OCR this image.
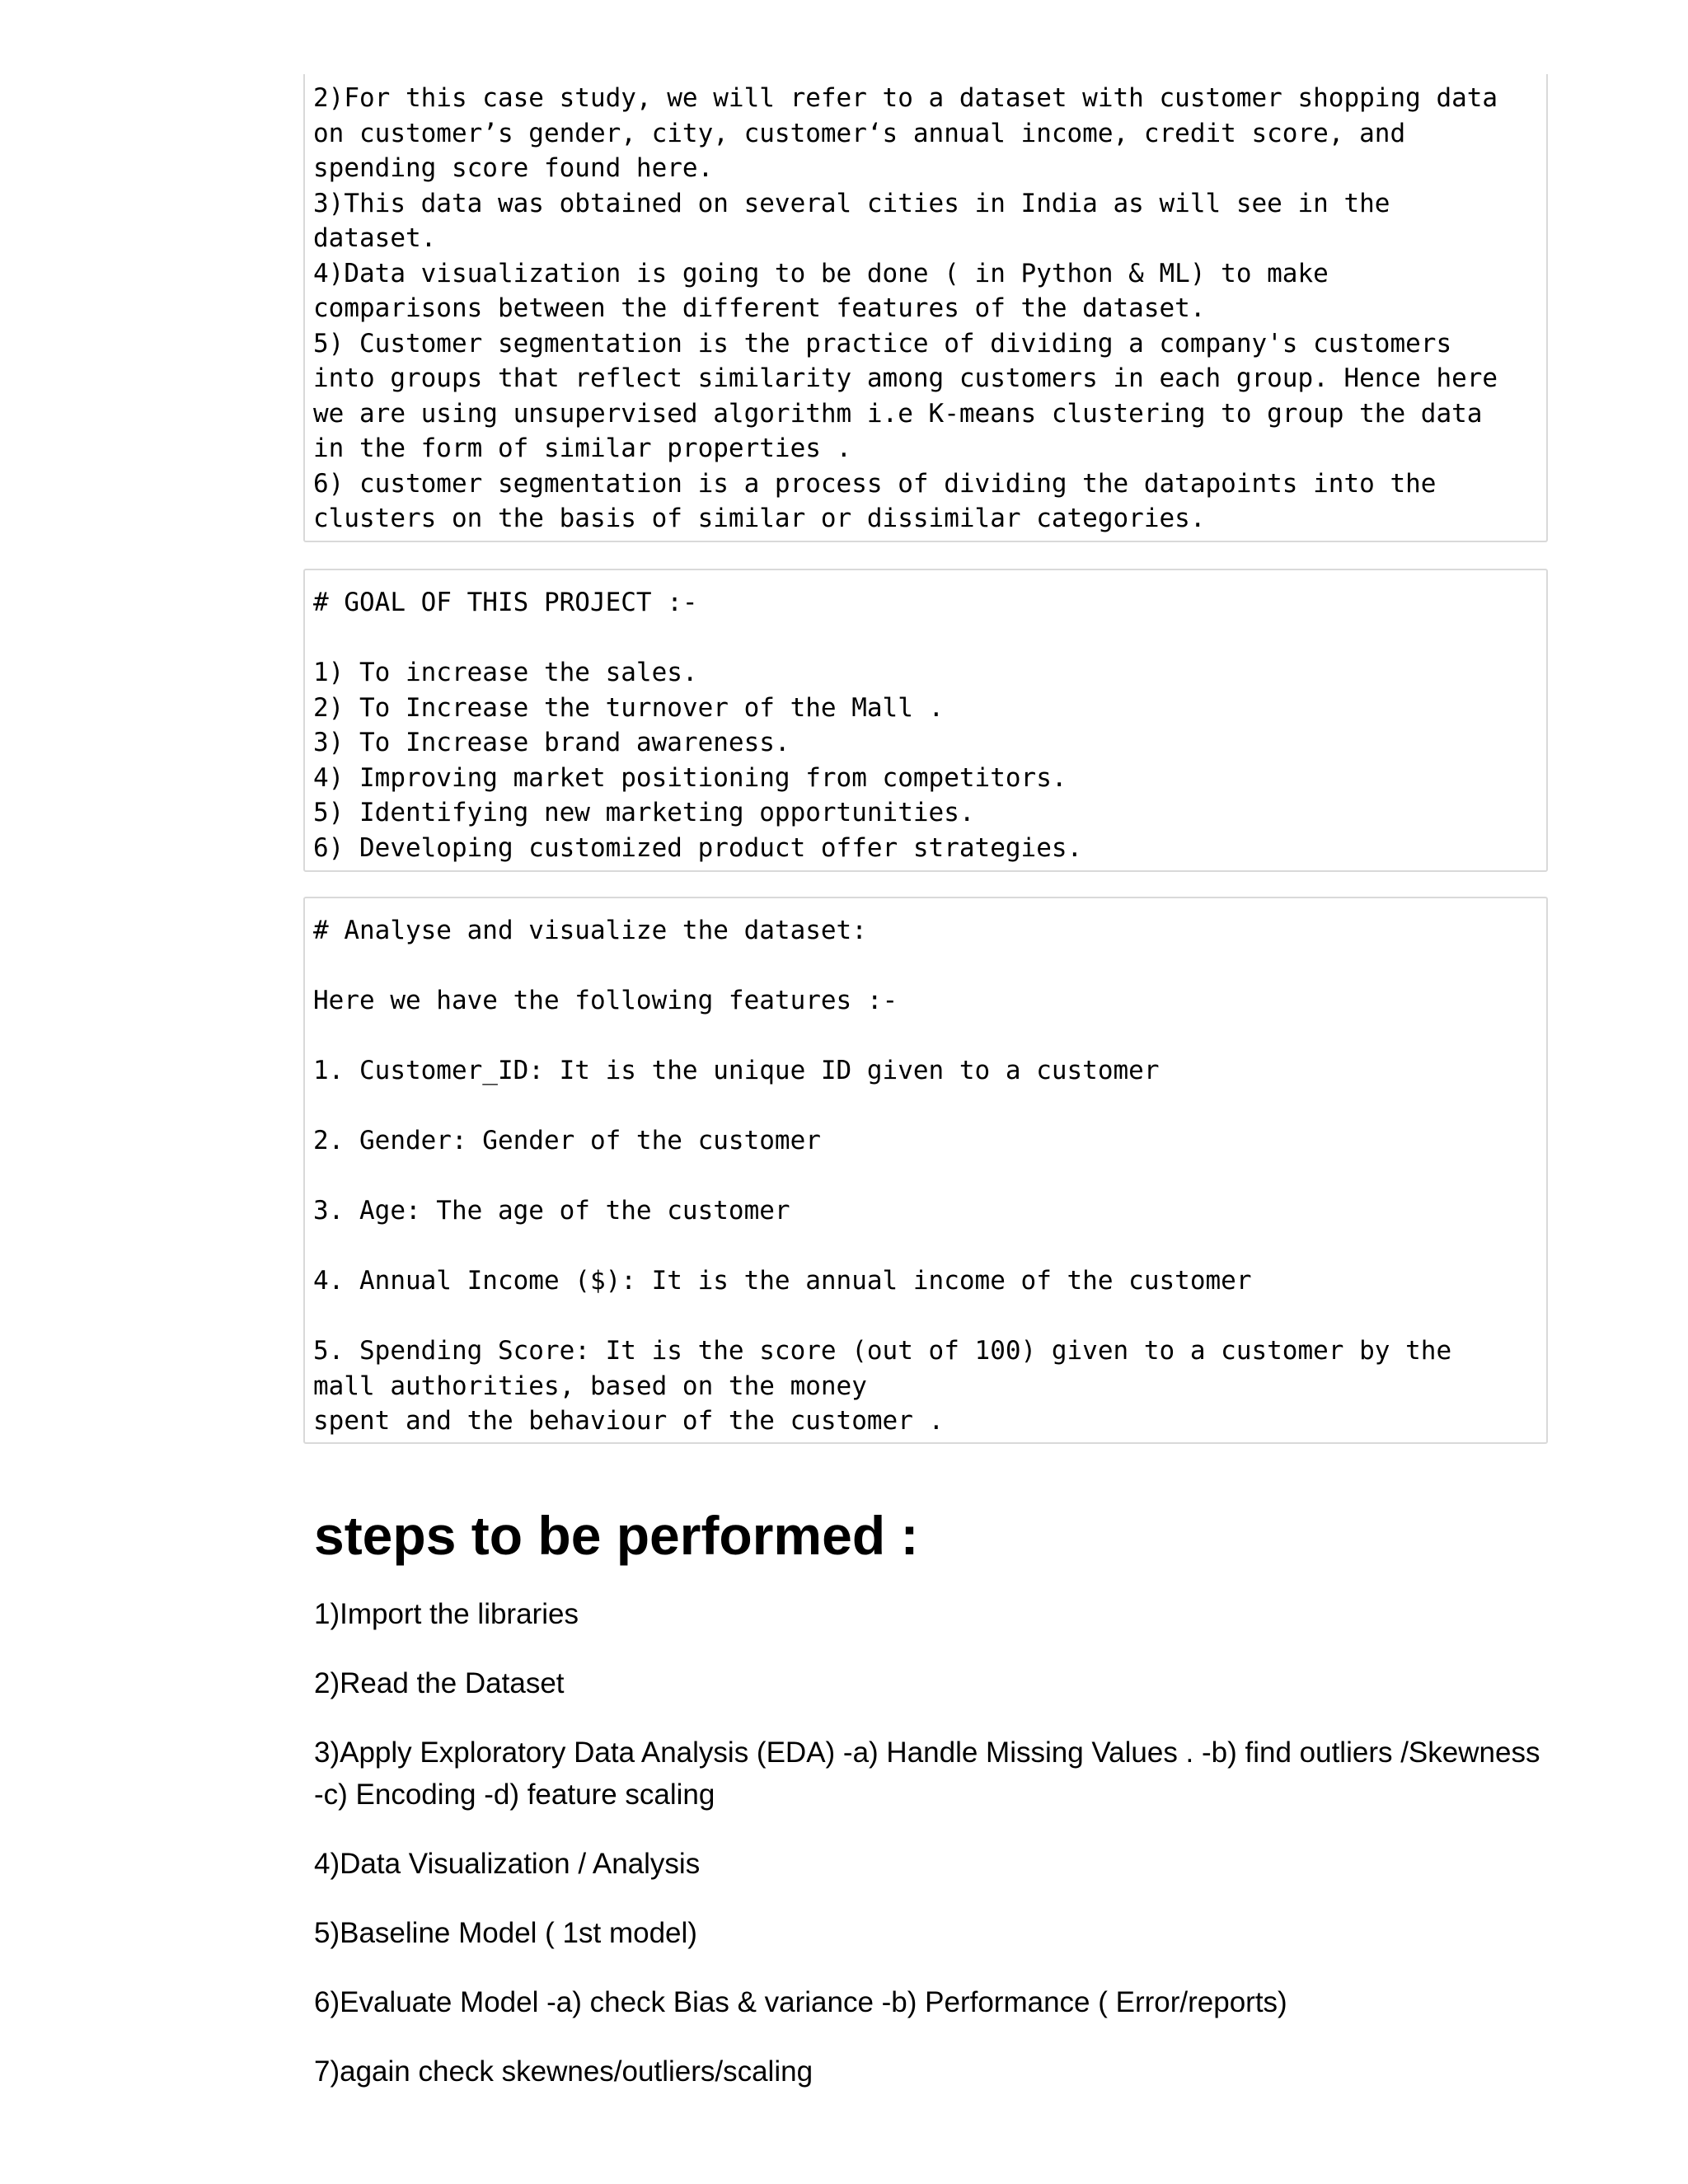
2)For this case study, we will refer to a dataset with customer shopping data
on customer’s gender, city, customer‘s annual income, credit score, and
spending score found here.
3)This data was obtained on several cities in India as will see in the
dataset.
4)Data visualization is going to be done ( in Python & ML) to make
comparisons between the different features of the dataset.
5) Customer segmentation is the practice of dividing a company's customers
into groups that reflect similarity among customers in each group. Hence here
we are using unsupervised algorithm i.e K-means clustering to group the data
in the form of similar properties .
6) customer segmentation is a process of dividing the datapoints into the
clusters on the basis of similar or dissimilar categories.
# GOAL OF THIS PROJECT :-

1) To increase the sales.
2) To Increase the turnover of the Mall .
3) To Increase brand awareness.
4) Improving market positioning from competitors.
5) Identifying new marketing opportunities.
6) Developing customized product offer strategies.
# Analyse and visualize the dataset:

Here we have the following features :-

1. Customer_ID: It is the unique ID given to a customer

2. Gender: Gender of the customer

3. Age: The age of the customer

4. Annual Income ($): It is the annual income of the customer

5. Spending Score: It is the score (out of 100) given to a customer by the
mall authorities, based on the money
spent and the behaviour of the customer .
steps to be performed :

1)Import the libraries

2)Read the Dataset

3)Apply Exploratory Data Analysis (EDA) -a) Handle Missing Values . -b) find outliers /Skewness -c) Encoding -d) feature scaling

4)Data Visualization / Analysis

5)Baseline Model ( 1st model)

6)Evaluate Model -a) check Bias & variance -b) Performance ( Error/reports)

7)again check skewnes/outliers/scaling
